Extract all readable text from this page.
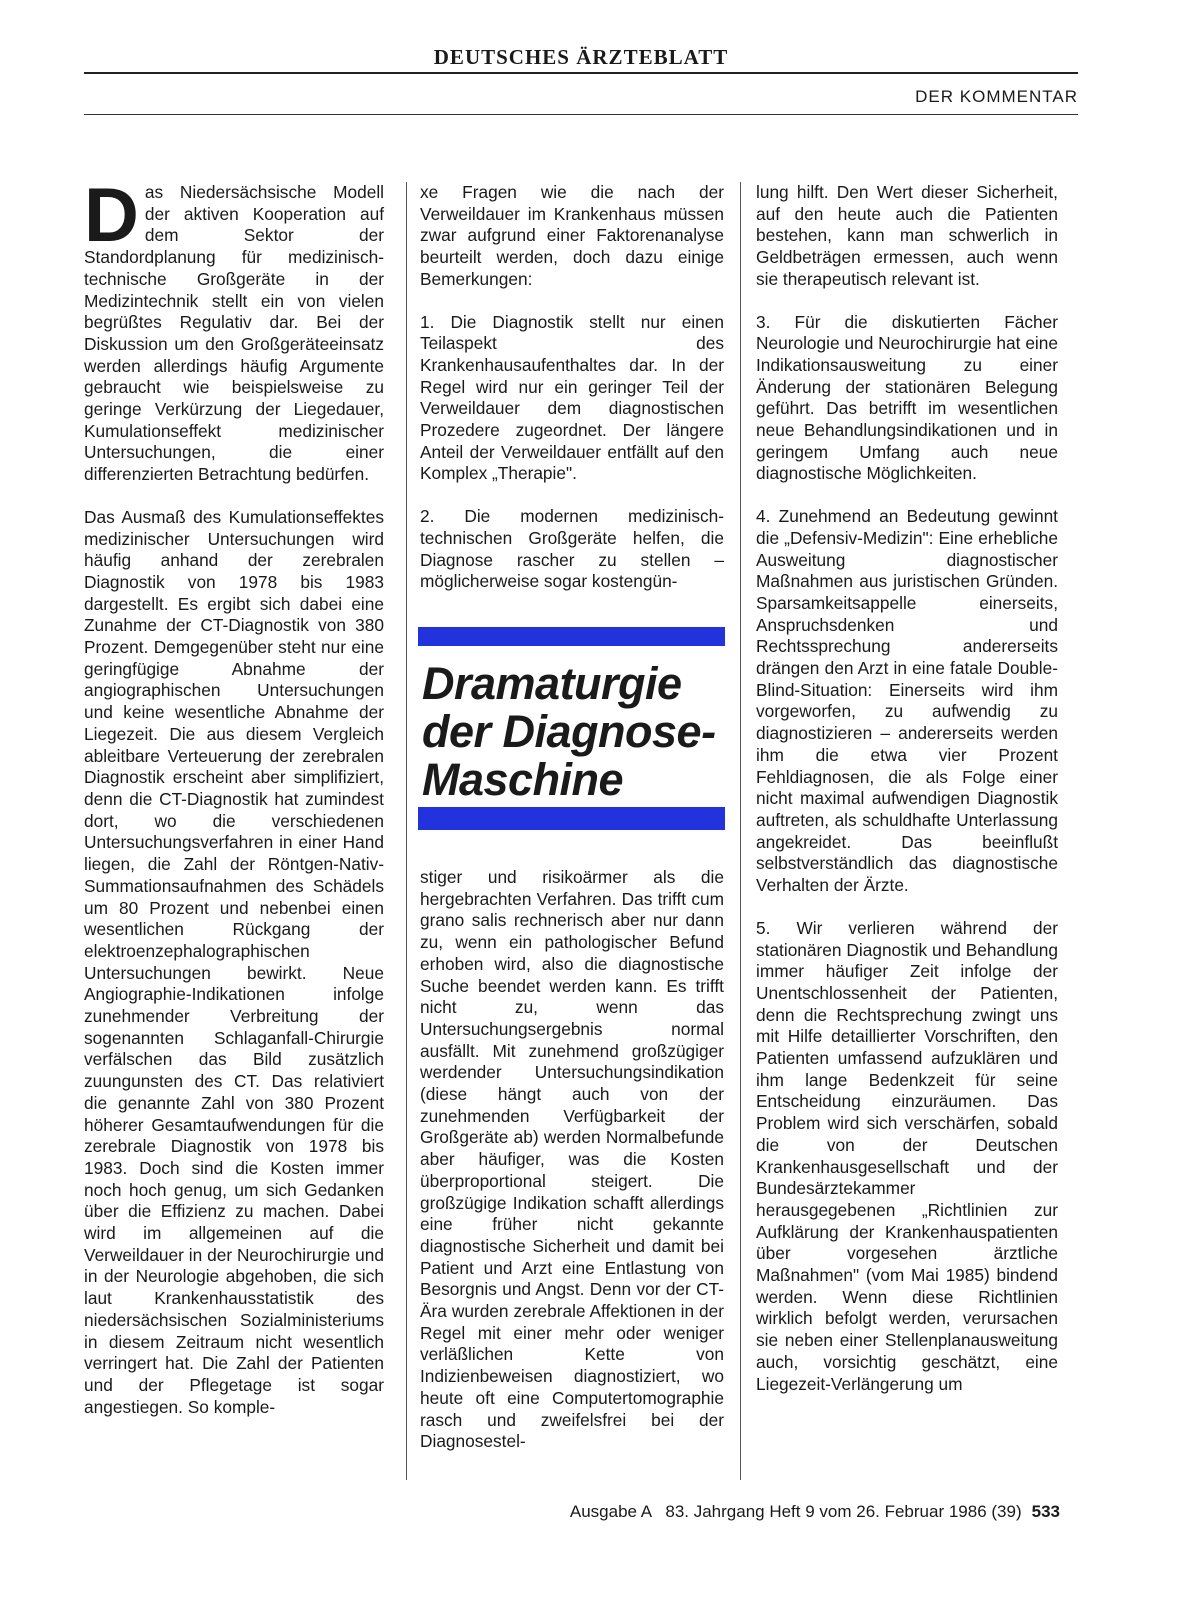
DEUTSCHES ÄRZTEBLATT
DER KOMMENTAR

Das Niedersächsische Modell der aktiven Kooperation auf dem Sektor der Standordplanung für medizinisch-technische Großgeräte in der Medizintechnik stellt ein von vielen begrüßtes Regulativ dar. Bei der Diskussion um den Großgeräteeinsatz werden allerdings häufig Argumente gebraucht wie beispielsweise zu geringe Verkürzung der Liegedauer, Kumulationseffekt medizinischer Untersuchungen, die einer differenzierten Betrachtung bedürfen.

Das Ausmaß des Kumulationseffektes medizinischer Untersuchungen wird häufig anhand der zerebralen Diagnostik von 1978 bis 1983 dargestellt. Es ergibt sich dabei eine Zunahme der CT-Diagnostik von 380 Prozent. Demgegenüber steht nur eine geringfügige Abnahme der angiographischen Untersuchungen und keine wesentliche Abnahme der Liegezeit. Die aus diesem Vergleich ableitbare Verteuerung der zerebralen Diagnostik erscheint aber simplifiziert, denn die CT-Diagnostik hat zumindest dort, wo die verschiedenen Untersuchungsverfahren in einer Hand liegen, die Zahl der Röntgen-Nativ-Summationsaufnahmen des Schädels um 80 Prozent und nebenbei einen wesentlichen Rückgang der elektroenzephalographischen Untersuchungen bewirkt. Neue Angiographie-Indikationen infolge zunehmender Verbreitung der sogenannten Schlaganfall-Chirurgie verfälschen das Bild zusätzlich zuungunsten des CT. Das relativiert die genannte Zahl von 380 Prozent höherer Gesamtaufwendungen für die zerebrale Diagnostik von 1978 bis 1983. Doch sind die Kosten immer noch hoch genug, um sich Gedanken über die Effizienz zu machen. Dabei wird im allgemeinen auf die Verweildauer in der Neurochirurgie und in der Neurologie abgehoben, die sich laut Krankenhausstatistik des niedersächsischen Sozialministeriums in diesem Zeitraum nicht wesentlich verringert hat. Die Zahl der Patienten und der Pflegetage ist sogar angestiegen. So komple-

xe Fragen wie die nach der Verweildauer im Krankenhaus müssen zwar aufgrund einer Faktorenanalyse beurteilt werden, doch dazu einige Bemerkungen:

1. Die Diagnostik stellt nur einen Teilaspekt des Krankenhausaufenthaltes dar. In der Regel wird nur ein geringer Teil der Verweildauer dem diagnostischen Prozedere zugeordnet. Der längere Anteil der Verweildauer entfällt auf den Komplex „Therapie".

2. Die modernen medizinisch-technischen Großgeräte helfen, die Diagnose rascher zu stellen – möglicherweise sogar kostengün-

Dramaturgie
der Diagnose-
Maschine

stiger und risikoärmer als die hergebrachten Verfahren. Das trifft cum grano salis rechnerisch aber nur dann zu, wenn ein pathologischer Befund erhoben wird, also die diagnostische Suche beendet werden kann. Es trifft nicht zu, wenn das Untersuchungsergebnis normal ausfällt. Mit zunehmend großzügiger werdender Untersuchungsindikation (diese hängt auch von der zunehmenden Verfügbarkeit der Großgeräte ab) werden Normalbefunde aber häufiger, was die Kosten überproportional steigert. Die großzügige Indikation schafft allerdings eine früher nicht gekannte diagnostische Sicherheit und damit bei Patient und Arzt eine Entlastung von Besorgnis und Angst. Denn vor der CT-Ära wurden zerebrale Affektionen in der Regel mit einer mehr oder weniger verläßlichen Kette von Indizienbeweisen diagnostiziert, wo heute oft eine Computertomographie rasch und zweifelsfrei bei der Diagnosestel-

lung hilft. Den Wert dieser Sicherheit, auf den heute auch die Patienten bestehen, kann man schwerlich in Geldbeträgen ermessen, auch wenn sie therapeutisch relevant ist.

3. Für die diskutierten Fächer Neurologie und Neurochirurgie hat eine Indikationsausweitung zu einer Änderung der stationären Belegung geführt. Das betrifft im wesentlichen neue Behandlungsindikationen und in geringem Umfang auch neue diagnostische Möglichkeiten.

4. Zunehmend an Bedeutung gewinnt die „Defensiv-Medizin": Eine erhebliche Ausweitung diagnostischer Maßnahmen aus juristischen Gründen. Sparsamkeitsappelle einerseits, Anspruchsdenken und Rechtssprechung andererseits drängen den Arzt in eine fatale Double-Blind-Situation: Einerseits wird ihm vorgeworfen, zu aufwendig zu diagnostizieren – andererseits werden ihm die etwa vier Prozent Fehldiagnosen, die als Folge einer nicht maximal aufwendigen Diagnostik auftreten, als schuldhafte Unterlassung angekreidet. Das beeinflußt selbstverständlich das diagnostische Verhalten der Ärzte.

5. Wir verlieren während der stationären Diagnostik und Behandlung immer häufiger Zeit infolge der Unentschlossenheit der Patienten, denn die Rechtsprechung zwingt uns mit Hilfe detaillierter Vorschriften, den Patienten umfassend aufzuklären und ihm lange Bedenkzeit für seine Entscheidung einzuräumen. Das Problem wird sich verschärfen, sobald die von der Deutschen Krankenhausgesellschaft und der Bundesärztekammer herausgegebenen „Richtlinien zur Aufklärung der Krankenhauspatienten über vorgesehen ärztliche Maßnahmen" (vom Mai 1985) bindend werden. Wenn diese Richtlinien wirklich befolgt werden, verursachen sie neben einer Stellenplanausweitung auch, vorsichtig geschätzt, eine Liegezeit-Verlängerung um

Ausgabe A   83. Jahrgang Heft 9 vom 26. Februar 1986 (39) 533
